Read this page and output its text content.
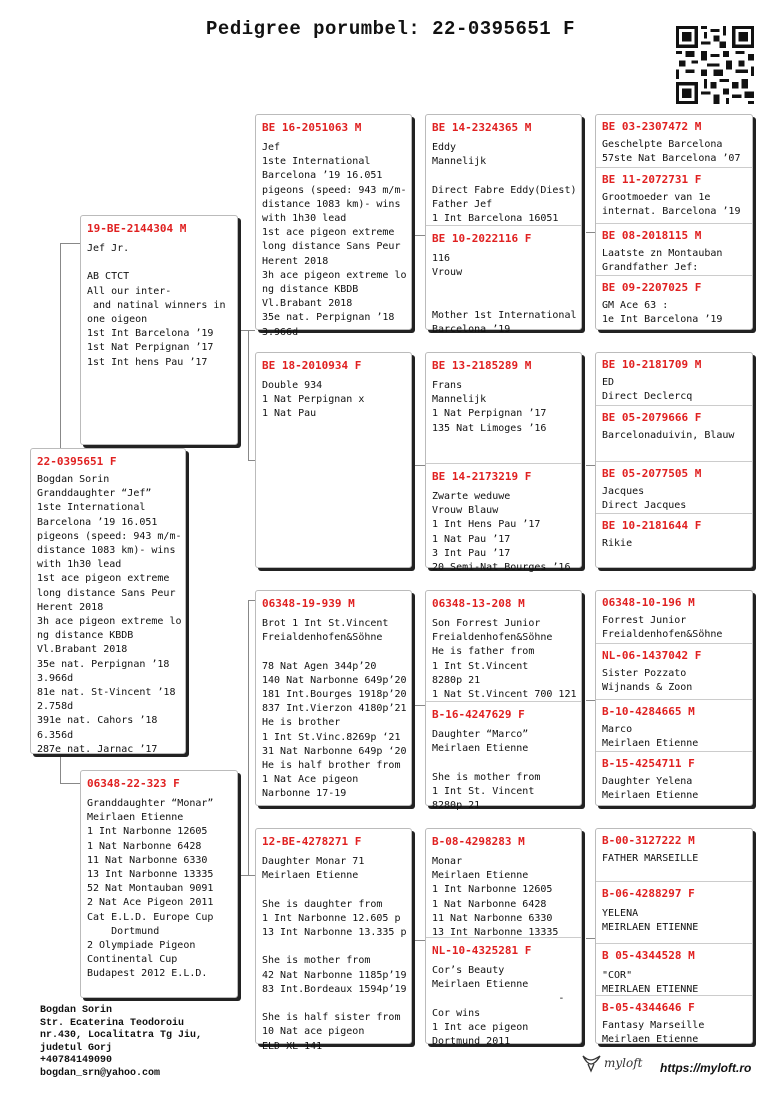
Pedigree porumbel: 22-0395651 F
22-0395651 F
Bogdan Sorin
Granddaughter “Jef”
1ste International
Barcelona ’19 16.051
pigeons (speed: 943 m/m-
distance 1083 km)- wins
with 1h30 lead
1st ace pigeon extreme
long distance Sans Peur
Herent 2018
3h ace pigeon extreme lo
ng distance KBDB
Vl.Brabant 2018
35e nat. Perpignan ’18
3.966d
81e nat. St-Vincent ’18
2.758d
391e nat. Cahors ’18
6.356d
287e nat. Jarnac ’17
19-BE-2144304 M
Jef Jr.

AB CTCT
All our inter-
and natinal winners in
one oigeon
1st Int Barcelona ’19
1st Nat Perpignan ’17
1st Int hens Pau ’17
06348-22-323 F
Granddaughter “Monar”
Meirlaen Etienne
1 Int Narbonne 12605
1 Nat Narbonne 6428
11 Nat Narbonne 6330
13 Int Narbonne 13335
52 Nat Montauban 9091
2 Nat Ace Pigeon 2011
Cat E.L.D. Europe Cup
Dortmund
2 Olympiade Pigeon
Continental Cup
Budapest 2012 E.L.D.
BE 16-2051063 M
Jef
1ste International
Barcelona ’19 16.051
pigeons (speed: 943 m/m-
distance 1083 km)- wins
with 1h30 lead
1st ace pigeon extreme
long distance Sans Peur
Herent 2018
3h ace pigeon extreme lo
ng distance KBDB
Vl.Brabant 2018
35e nat. Perpignan ’18
3.966d
BE 18-2010934 F
Double 934
1 Nat Perpignan x
1 Nat Pau
06348-19-939 M
Brot 1 Int St.Vincent
Freialdenhofen&Söhne

78 Nat Agen 344p’20
140 Nat Narbonne 649p’20
181 Int.Bourges 1918p’20
837 Int.Vierzon 4180p’21
He is brother
1 Int St.Vinc.8269p ‘21
31 Nat Narbonne 649p ‘20
He is half brother from
1 Nat Ace pigeon
Narbonne 17-19
12-BE-4278271 F
Daughter Monar 71
Meirlaen Etienne

She is daughter from
1 Int Narbonne 12.605 p
13 Int Narbonne 13.335 p

She is mother from
42 Nat Narbonne 1185p’19
83 Int.Bordeaux 1594p’19

She is half sister from
10 Nat ace pigeon
ELD XL 141
BE 14-2324365 M
Eddy
Mannelijk

Direct Fabre Eddy(Diest)
Father Jef
1 Int Barcelona 16051
BE 10-2022116 F
116
Vrouw

Mother 1st International
Barcelona ’19
BE 13-2185289 M
Frans
Mannelijk
1 Nat Perpignan ’17
135 Nat Limoges ’16
BE 14-2173219 F
Zwarte weduwe
Vrouw Blauw
1 Int Hens Pau ’17
1 Nat Pau ’17
3 Int Pau ’17
20 Semi-Nat Bourges ’16
06348-13-208 M
Son Forrest Junior
Freialdenhofen&Söhne
He is father from
1 Int St.Vincent
8280p 21
1 Nat St.Vincent 700 121
B-16-4247629 F
Daughter “Marco”
Meirlaen Etienne

She is mother from
1 Int St. Vincent
8280p 21
B-08-4298283 M
Monar
Meirlaen Etienne
1 Int Narbonne 12605
1 Nat Narbonne 6428
11 Nat Narbonne 6330
13 Int Narbonne 13335
NL-10-4325281 F
Cor’s Beauty
Meirlaen Etienne
-
Cor wins
1 Int ace pigeon
Dortmund 2011
BE 03-2307472 M
Geschelpte Barcelona
57ste Nat Barcelona ’07
BE 11-2072731 F
Grootmoeder van 1e
internat. Barcelona ’19
BE 08-2018115 M
Laatste zn Montauban
Grandfather Jef:
BE 09-2207025 F
GM Ace 63 :
1e Int Barcelona ’19
BE 10-2181709 M
ED
Direct Declercq
BE 05-2079666 F
Barcelonaduivin, Blauw
BE 05-2077505 M
Jacques
Direct Jacques
BE 10-2181644 F
Rikie
06348-10-196 M
Forrest Junior
Freialdenhofen&Söhne
NL-06-1437042 F
Sister Pozzato
Wijnands & Zoon
B-10-4284665 M
Marco
Meirlaen Etienne
B-15-4254711 F
Daughter Yelena
Meirlaen Etienne
B-00-3127222 M
FATHER MARSEILLE
B-06-4288297 F
YELENA
MEIRLAEN ETIENNE
B 05-4344528 M
"COR"
MEIRLAEN ETIENNE
B-05-4344646 F
Fantasy Marseille
Meirlaen Etienne
Bogdan Sorin
Str. Ecaterina Teodoroiu
nr.430, Localitatra Tg Jiu,
judetul Gorj
+40784149090
bogdan_srn@yahoo.com
myloft https://myloft.ro
